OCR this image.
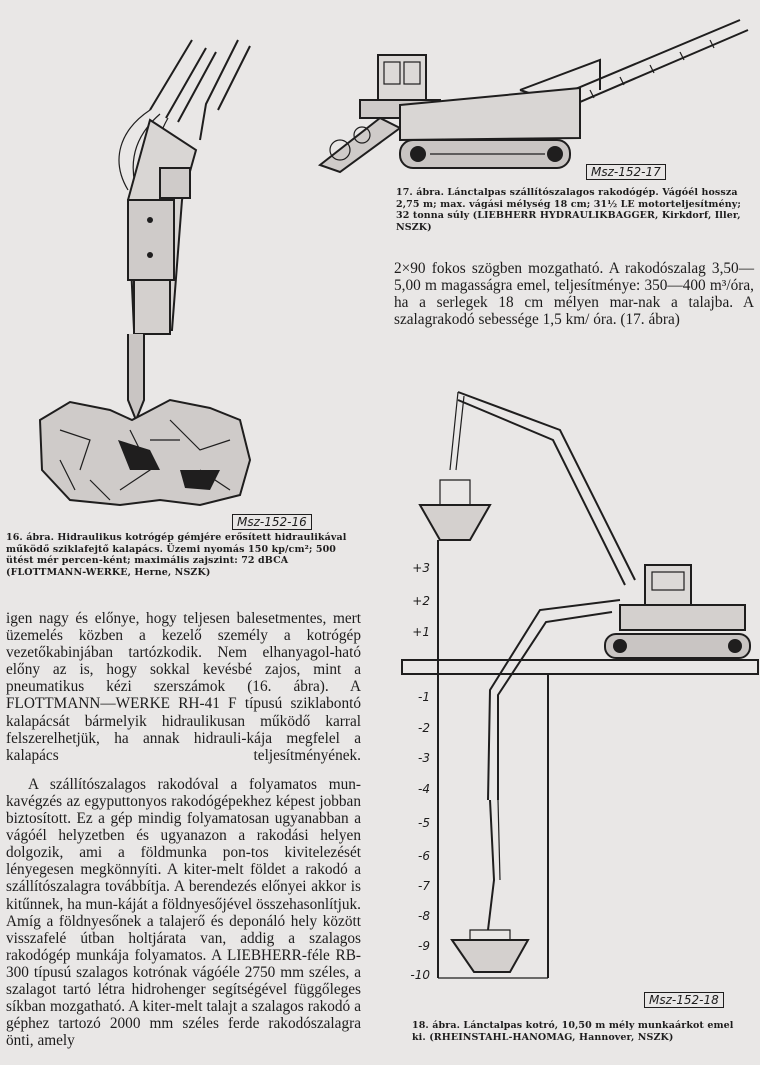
Msz-152-16
16. ábra. Hidraulikus kotrógép gémjére erősített hidraulikával működő sziklafejtő kalapács. Üzemi nyomás 150 kp/cm²; 500 ütést mér percen-ként; maximális zajszint: 72 dBCA (FLOTTMANN-WERKE, Herne, NSZK)
Msz-152-17
17. ábra. Lánctalpas szállítószalagos rakodógép. Vágóél hossza 2,75 m; max. vágási mélység 18 cm; 31½ LE motorteljesítmény; 32 tonna súly (LIEBHERR HYDRAULIKBAGGER, Kirkdorf, Iller, NSZK)

2×90 fokos szögben mozgatható. A rakodószalag 3,50—5,00 m magasságra emel, teljesítménye: 350—400 m³/óra, ha a serlegek 18 cm mélyen mar-nak a talajba. A szalagrakodó sebessége 1,5 km/ óra. (17. ábra)

+3
+2
+1
-1
-2
-3
-4
-5
-6
-7
-8
-9
-10
Msz-152-18
18. ábra. Lánctalpas kotró, 10,50 m mély munkaárkot emel ki. (RHEINSTAHL-HANOMAG, Hannover, NSZK)

igen nagy és előnye, hogy teljesen balesetmentes, mert üzemelés közben a kezelő személy a kotrógép vezetőkabinjában tartózkodik. Nem elhanyagol-ható előny az is, hogy sokkal kevésbé zajos, mint a pneumatikus kézi szerszámok (16. ábra). A FLOTTMANN—WERKE RH-41 F típusú sziklabontó kalapácsát bármelyik hidraulikusan működő karral felszerelhetjük, ha annak hidrauli-kája megfelel a kalapács teljesítményének.

A szállítószalagos rakodóval a folyamatos mun-kavégzés az egyputtonyos rakodógépekhez képest jobban biztosított. Ez a gép mindig folyamatosan ugyanabban a vágóél helyzetben és ugyanazon a rakodási helyen dolgozik, ami a földmunka pon-tos kivitelezését lényegesen megkönnyíti. A kiter-melt földet a rakodó a szállítószalagra továbbítja. A berendezés előnyei akkor is kitűnnek, ha mun-káját a földnyesőjével összehasonlítjuk. Amíg a földnyesőnek a talajerő és deponáló hely között visszafelé útban holtjárata van, addig a szalagos rakodógép munkája folyamatos. A LIEBHERR-féle RB-300 típusú szalagos kotrónak vágóéle 2750 mm széles, a szalagot tartó létra hidrohenger segítségével függőleges síkban mozgatható. A kiter-melt talajt a szalagos rakodó a géphez tartozó 2000 mm széles ferde rakodószalagra önti, amely
